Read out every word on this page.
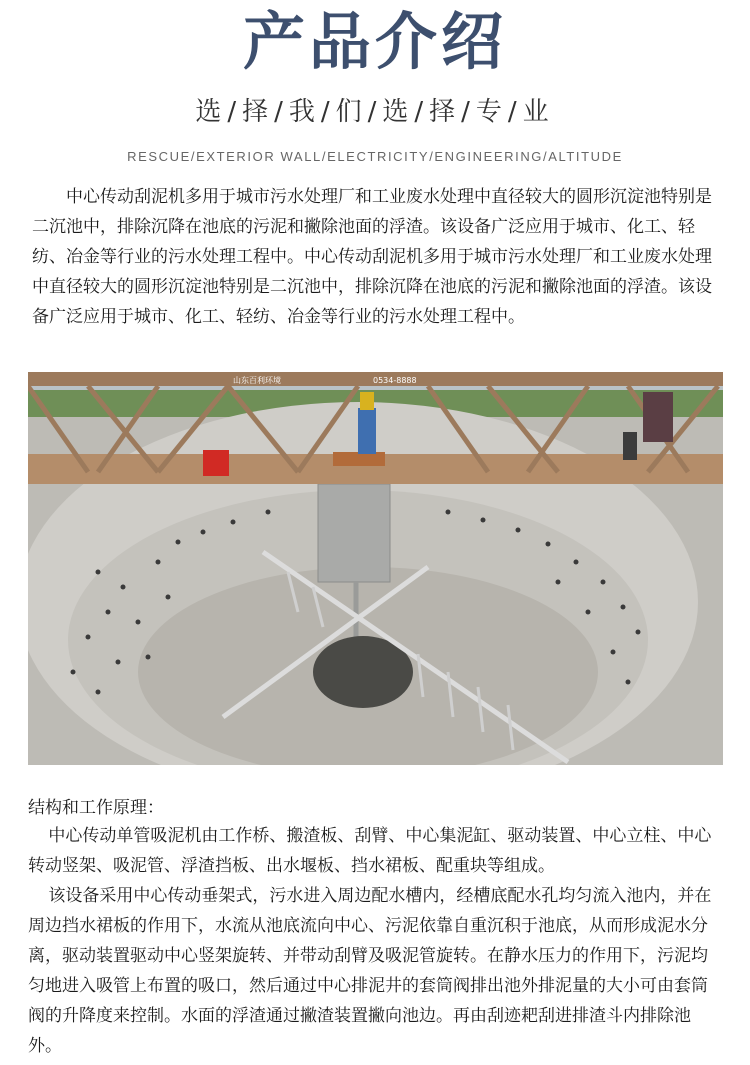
产品介绍
选/择/我/们/选/择/专/业
RESCUE/EXTERIOR WALL/ELECTRICITY/ENGINEERING/ALTITUDE

中心传动刮泥机多用于城市污水处理厂和工业废水处理中直径较大的圆形沉淀池特别是二沉池中，排除沉降在池底的污泥和撇除池面的浮渣。该设备广泛应用于城市、化工、轻纺、冶金等行业的污水处理工程中。中心传动刮泥机多用于城市污水处理厂和工业废水处理中直径较大的圆形沉淀池特别是二沉池中，排除沉降在池底的污泥和撇除池面的浮渣。该设备广泛应用于城市、化工、轻纺、冶金等行业的污水处理工程中。

山东百利环境	0534-8888
结构和工作原理：

中心传动单管吸泥机由工作桥、搬渣板、刮臂、中心集泥缸、驱动装置、中心立柱、中心转动竖架、吸泥管、浮渣挡板、出水堰板、挡水裙板、配重块等组成。

该设备采用中心传动垂架式，污水进入周边配水槽内，经槽底配水孔均匀流入池内，并在周边挡水裙板的作用下，水流从池底流向中心、污泥依靠自重沉积于池底，从而形成泥水分离，驱动装置驱动中心竖架旋转、并带动刮臂及吸泥管旋转。在静水压力的作用下，污泥均匀地进入吸管上布置的吸口，然后通过中心排泥井的套筒阀排出池外排泥量的大小可由套筒阀的升降度来控制。水面的浮渣通过撇渣装置撇向池边。再由刮迹耙刮进排渣斗内排除池外。
